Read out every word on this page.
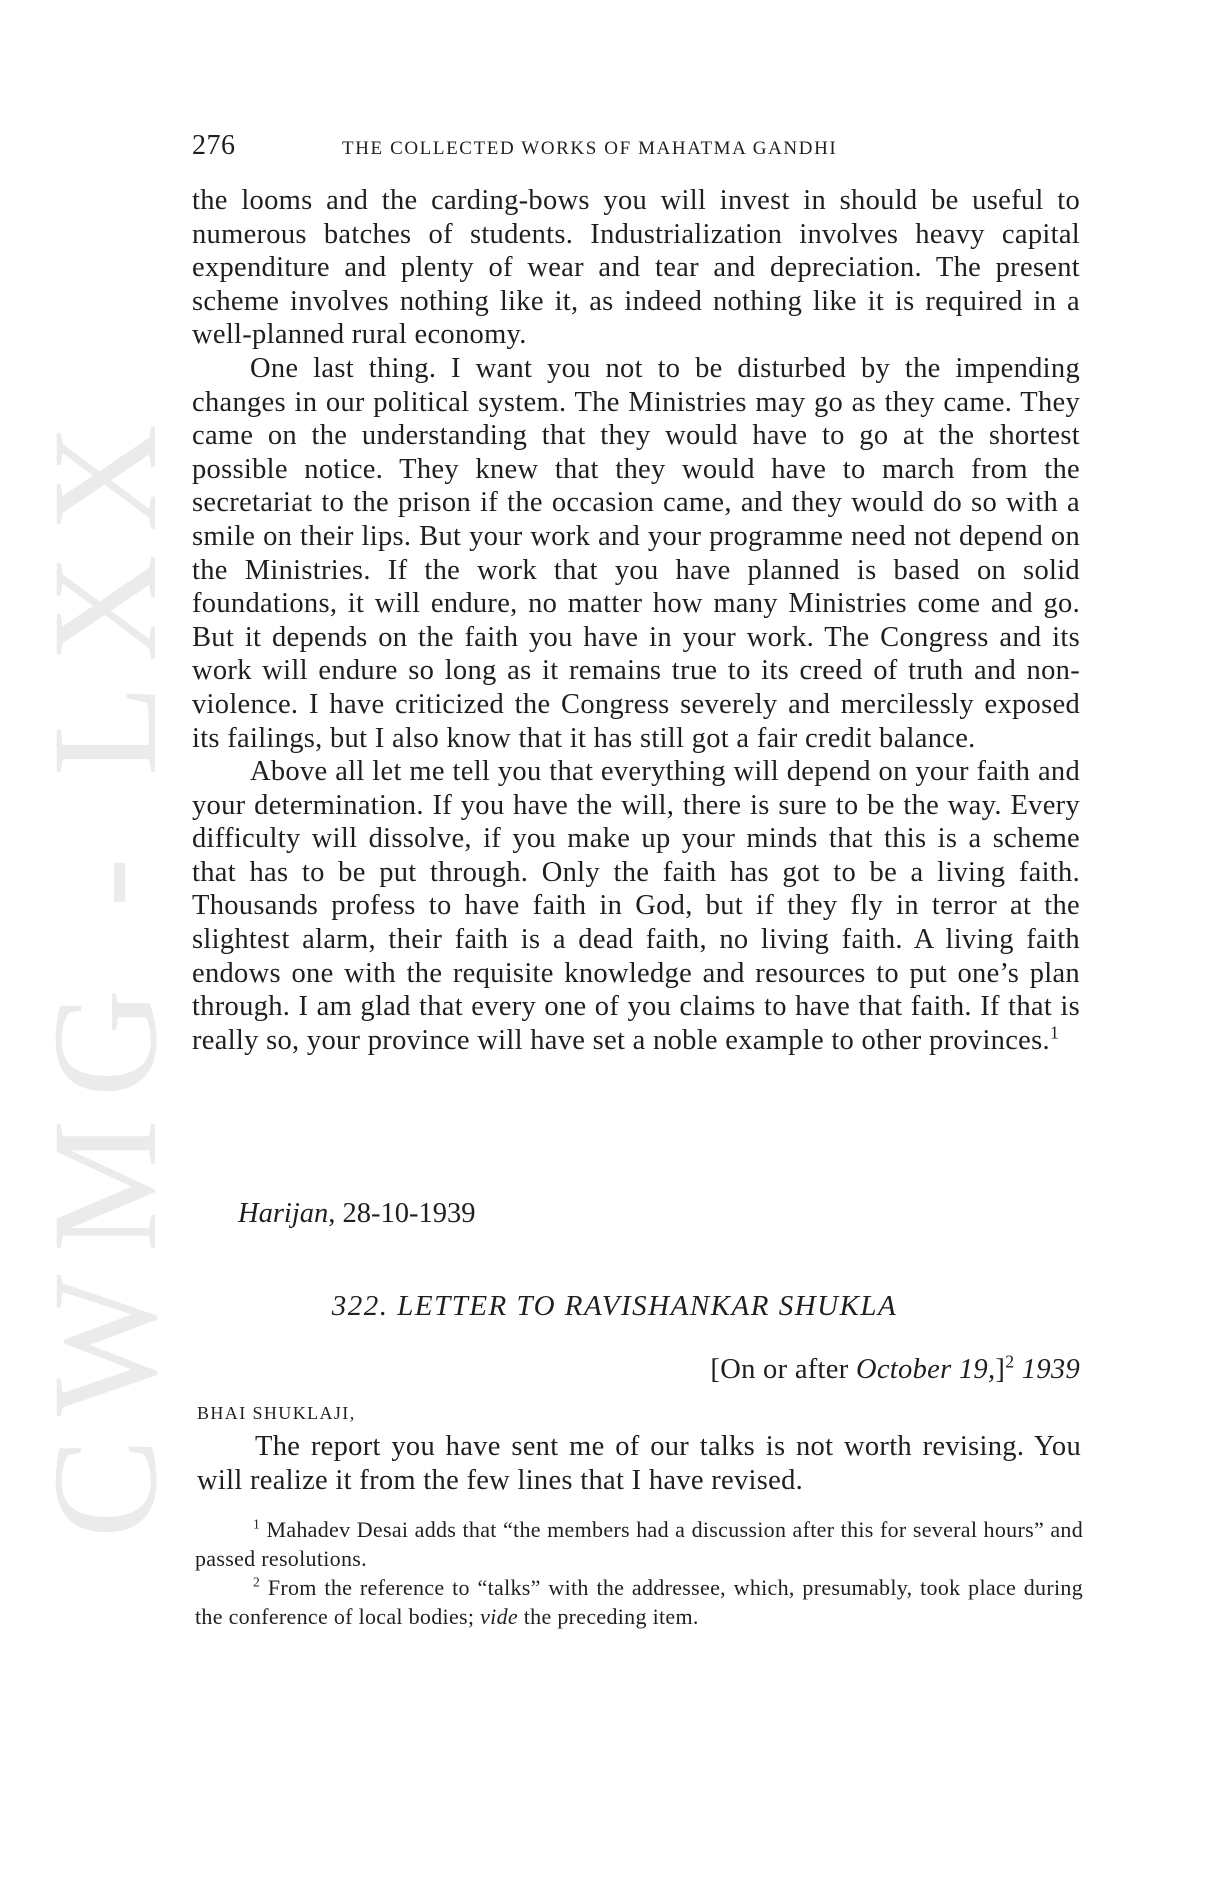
CWMG - LXX
276	THE COLLECTED WORKS OF MAHATMA GANDHI

the looms and the carding-bows you will invest in should be useful to numerous batches of students. Industrialization involves heavy capital expenditure and plenty of wear and tear and depreciation. The present scheme involves nothing like it, as indeed nothing like it is required in a well-planned rural economy.

One last thing. I want you not to be disturbed by the impending changes in our political system. The Ministries may go as they came. They came on the understanding that they would have to go at the shortest possible notice. They knew that they would have to march from the secretariat to the prison if the occasion came, and they would do so with a smile on their lips. But your work and your programme need not depend on the Ministries. If the work that you have planned is based on solid foundations, it will endure, no matter how many Ministries come and go. But it depends on the faith you have in your work. The Congress and its work will endure so long as it remains true to its creed of truth and non-violence. I have criticized the Congress severely and mercilessly exposed its failings, but I also know that it has still got a fair credit balance.

Above all let me tell you that everything will depend on your faith and your determination. If you have the will, there is sure to be the way. Every difficulty will dissolve, if you make up your minds that this is a scheme that has to be put through. Only the faith has got to be a living faith. Thousands profess to have faith in God, but if they fly in terror at the slightest alarm, their faith is a dead faith, no living faith. A living faith endows one with the requisite knowledge and resources to put one’s plan through. I am glad that every one of you claims to have that faith. If that is really so, your province will have set a noble example to other provinces.$^1$

Harijan, 28-10-1939
322. LETTER TO RAVISHANKAR SHUKLA
[On or after October 19,]$^2$ 1939
BHAI SHUKLAJI,

The report you have sent me of our talks is not worth revising. You will realize it from the few lines that I have revised.

$^1$ Mahadev Desai adds that “the members had a discussion after this for several hours” and passed resolutions.

$^2$ From the reference to “talks” with the addressee, which, presumably, took place during the conference of local bodies; vide the preceding item.
